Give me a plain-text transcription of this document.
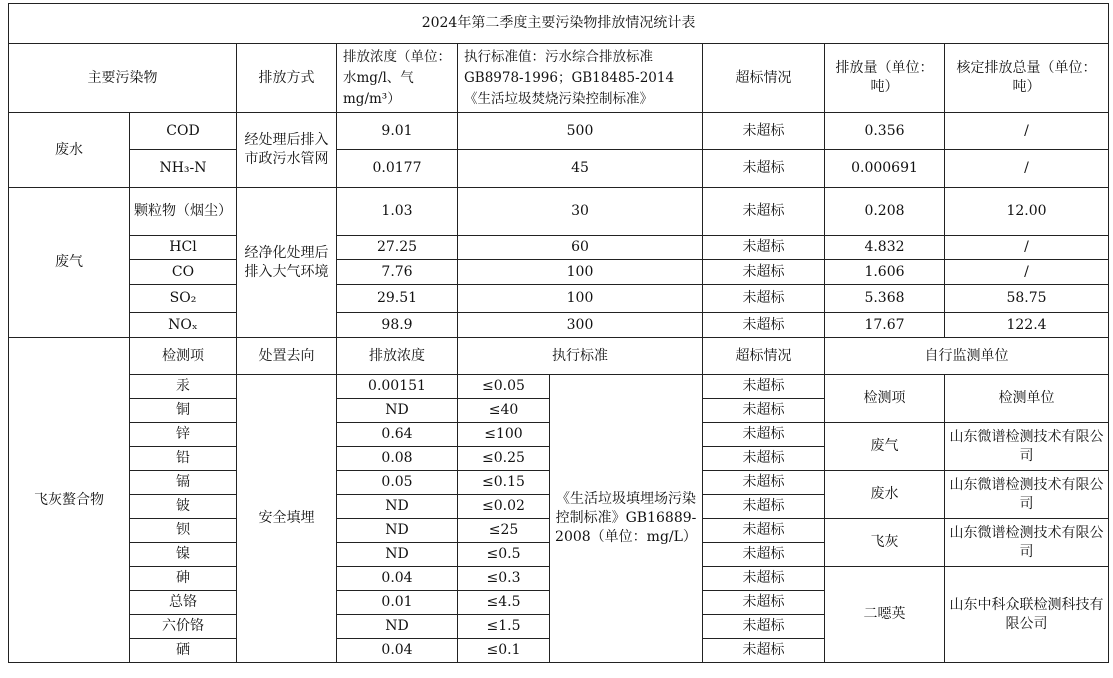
2024年第二季度主要污染物排放情况统计表								
主要污染物		排放方式	排放浓度（单位：水mg/l、气mg/m³）	执行标准值：污水综合排放标准GB8978-1996；GB18485-2014《生活垃圾焚烧污染控制标准》		超标情况	排放量（单位：吨）	核定排放总量（单位：吨）
废水	COD	经处理后排入市政污水管网	9.01	500		未超标	0.356	/
	NH₃-N		0.0177	45		未超标	0.000691	/
废气	颗粒物（烟尘）	经净化处理后排入大气环境	1.03	30		未超标	0.208	12.00
	HCl		27.25	60		未超标	4.832	/
	CO		7.76	100		未超标	1.606	/
	SO₂		29.51	100		未超标	5.368	58.75
	NOₓ		98.9	300		未超标	17.67	122.4
飞灰螯合物	检测项	处置去向	排放浓度	执行标准		超标情况	自行监测单位	
	汞	安全填埋	0.00151	≤0.05	《生活垃圾填埋场污染控制标准》GB16889-2008（单位：mg/L）	未超标	检测项	检测单位
	铜		ND	≤40		未超标		
	锌		0.64	≤100		未超标	废气	山东微谱检测技术有限公司
	铅		0.08	≤0.25		未超标		
	镉		0.05	≤0.15		未超标	废水	山东微谱检测技术有限公司
	铍		ND	≤0.02		未超标		
	钡		ND	≤25		未超标	飞灰	山东微谱检测技术有限公司
	镍		ND	≤0.5		未超标		
	砷		0.04	≤0.3		未超标	二噁英	山东中科众联检测科技有限公司
	总铬		0.01	≤4.5		未超标		
	六价铬		ND	≤1.5		未超标		
	硒		0.04	≤0.1		未超标		
